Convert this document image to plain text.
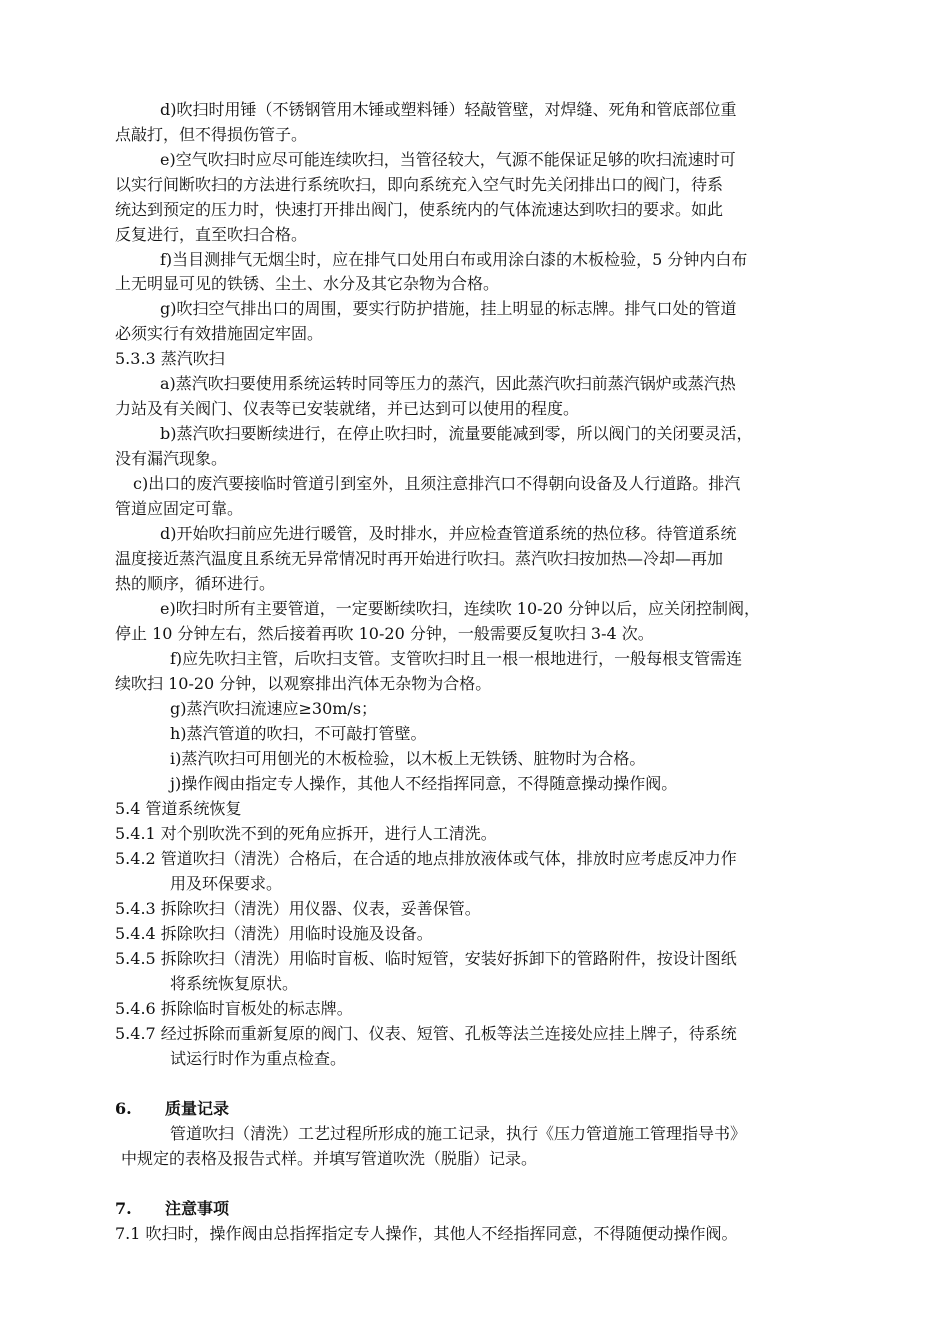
d)吹扫时用锤（不锈钢管用木锤或塑料锤）轻敲管壁，对焊缝、死角和管底部位重
点敲打，但不得损伤管子。
e)空气吹扫时应尽可能连续吹扫，当管径较大，气源不能保证足够的吹扫流速时可
以实行间断吹扫的方法进行系统吹扫，即向系统充入空气时先关闭排出口的阀门，待系
统达到预定的压力时，快速打开排出阀门，使系统内的气体流速达到吹扫的要求。如此
反复进行，直至吹扫合格。
f)当目测排气无烟尘时，应在排气口处用白布或用涂白漆的木板检验，5 分钟内白布
上无明显可见的铁锈、尘土、水分及其它杂物为合格。
g)吹扫空气排出口的周围，要实行防护措施，挂上明显的标志牌。排气口处的管道
必须实行有效措施固定牢固。
5.3.3 蒸汽吹扫
a)蒸汽吹扫要使用系统运转时同等压力的蒸汽，因此蒸汽吹扫前蒸汽锅炉或蒸汽热
力站及有关阀门、仪表等已安装就绪，并已达到可以使用的程度。
b)蒸汽吹扫要断续进行，在停止吹扫时，流量要能减到零，所以阀门的关闭要灵活，
没有漏汽现象。
c)出口的废汽要接临时管道引到室外，且须注意排汽口不得朝向设备及人行道路。排汽
管道应固定可靠。
d)开始吹扫前应先进行暖管，及时排水，并应检查管道系统的热位移。待管道系统
温度接近蒸汽温度且系统无异常情况时再开始进行吹扫。蒸汽吹扫按加热—冷却—再加
热的顺序，循环进行。
e)吹扫时所有主要管道，一定要断续吹扫，连续吹 10-20 分钟以后，应关闭控制阀，
停止 10 分钟左右，然后接着再吹 10-20 分钟，一般需要反复吹扫 3-4 次。
f)应先吹扫主管，后吹扫支管。支管吹扫时且一根一根地进行，一般每根支管需连
续吹扫 10-20 分钟，以观察排出汽体无杂物为合格。
g)蒸汽吹扫流速应≥30m/s；
h)蒸汽管道的吹扫，不可敲打管壁。
i)蒸汽吹扫可用刨光的木板检验，以木板上无铁锈、脏物时为合格。
j)操作阀由指定专人操作，其他人不经指挥同意，不得随意操动操作阀。
5.4 管道系统恢复
5.4.1 对个别吹洗不到的死角应拆开，进行人工清洗。
5.4.2 管道吹扫（清洗）合格后，在合适的地点排放液体或气体，排放时应考虑反冲力作
用及环保要求。
5.4.3 拆除吹扫（清洗）用仪器、仪表，妥善保管。
5.4.4 拆除吹扫（清洗）用临时设施及设备。
5.4.5 拆除吹扫（清洗）用临时盲板、临时短管，安装好拆卸下的管路附件，按设计图纸
将系统恢复原状。
5.4.6 拆除临时盲板处的标志牌。
5.4.7 经过拆除而重新复原的阀门、仪表、短管、孔板等法兰连接处应挂上牌子，待系统
试运行时作为重点检查。
6. 质量记录
管道吹扫（清洗）工艺过程所形成的施工记录，执行《压力管道施工管理指导书》
中规定的表格及报告式样。并填写管道吹洗（脱脂）记录。
7. 注意事项
7.1 吹扫时，操作阀由总指挥指定专人操作，其他人不经指挥同意，不得随便动操作阀。
